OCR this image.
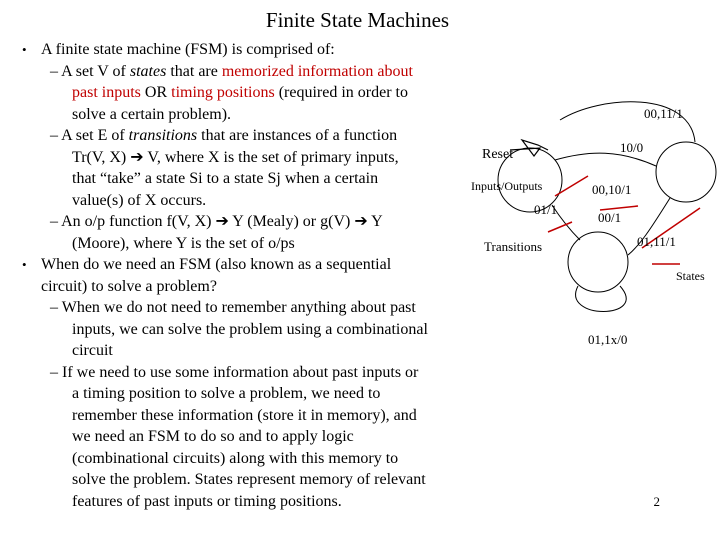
Finite State Machines
• A finite state machine (FSM) is comprised of:
– A set V of states that are memorized information about
past inputs OR timing positions (required in order to
solve a certain problem).
– A set E of transitions that are instances of a function
Tr(V, X) ➔ V, where X is the set of primary inputs,
that “take” a state Si to a state Sj when a certain
value(s) of X occurs.
– An o/p function f(V, X) ➔ Y (Mealy) or g(V) ➔ Y
(Moore), where Y is the set of o/ps
• When do we need an FSM (also known as a sequential
circuit) to solve a problem?
– When we do not need to remember anything about past
inputs, we can solve the problem using a combinational
circuit
– If we need to use some information about past inputs or
a timing position to solve a problem, we need to
remember these information (store it in memory), and
we need an FSM to do so and to apply logic
(combinational circuits) along with this memory to
solve the problem. States represent memory of relevant
features of past inputs or timing positions.
00,11/1
Reset	10/0
Inputs/Outputs	00,10/1
01/1
00/1
01,11/1
Transitions
States
01,1x/0
2
